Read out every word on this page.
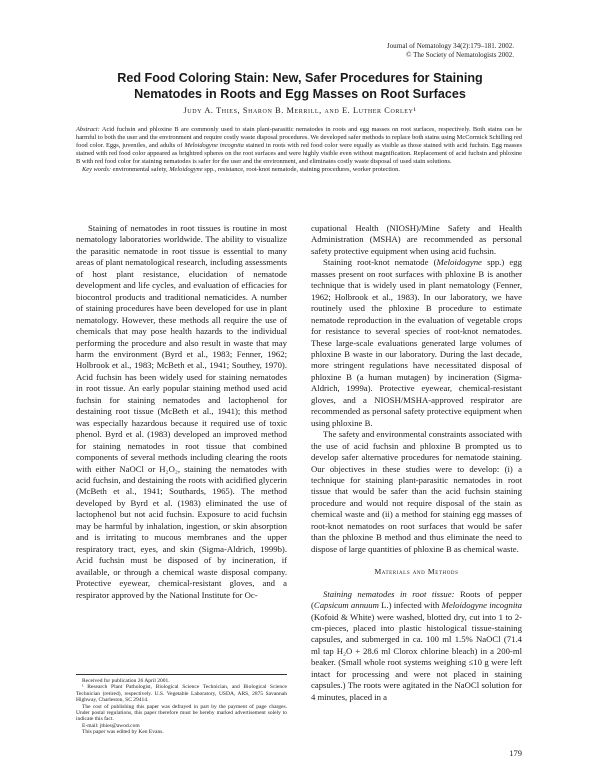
Journal of Nematology 34(2):179–181. 2002.
© The Society of Nematologists 2002.
Red Food Coloring Stain: New, Safer Procedures for Staining
Nematodes in Roots and Egg Masses on Root Surfaces
Judy A. Thies, Sharon B. Merrill, and E. Luther Corley¹

Abstract: Acid fuchsin and phloxine B are commonly used to stain plant-parasitic nematodes in roots and egg masses on root surfaces, respectively. Both stains can be harmful to both the user and the environment and require costly waste disposal procedures. We developed safer methods to replace both stains using McCormick Schilling red food color. Eggs, juveniles, and adults of Meloidogyne incognita stained in roots with red food color were equally as visible as those stained with acid fuchsin. Egg masses stained with red food color appeared as brightred spheres on the root surfaces and were highly visible even without magnification. Replacement of acid fuchsin and phloxine B with red food color for staining nematodes is safer for the user and the environment, and eliminates costly waste disposal of used stain solutions.

Key words: environmental safety, Meloidogyne spp., resistance, root-knot nematode, staining procedures, worker protection.

Staining of nematodes in root tissues is routine in most nematology laboratories worldwide. The ability to visualize the parasitic nematode in root tissue is essential to many areas of plant nematological research, including assessments of host plant resistance, elucidation of nematode development and life cycles, and evaluation of efficacies for biocontrol products and traditional nematicides. A number of staining procedures have been developed for use in plant nematology. However, these methods all require the use of chemicals that may pose health hazards to the individual performing the procedure and also result in waste that may harm the environment (Byrd et al., 1983; Fenner, 1962; Holbrook et al., 1983; McBeth et al., 1941; Southey, 1970). Acid fuchsin has been widely used for staining nematodes in root tissue. An early popular staining method used acid fuchsin for staining nematodes and lactophenol for destaining root tissue (McBeth et al., 1941); this method was especially hazardous because it required use of toxic phenol. Byrd et al. (1983) developed an improved method for staining nematodes in root tissue that combined components of several methods including clearing the roots with either NaOCl or H₂O₂, staining the nematodes with acid fuchsin, and destaining the roots with acidified glycerin (McBeth et al., 1941; Southards, 1965). The method developed by Byrd et al. (1983) eliminated the use of lactophenol but not acid fuchsin. Exposure to acid fuchsin may be harmful by inhalation, ingestion, or skin absorption and is irritating to mucous membranes and the upper respiratory tract, eyes, and skin (Sigma-Aldrich, 1999b). Acid fuchsin must be disposed of by incineration, if available, or through a chemical waste disposal company. Protective eyewear, chemical-resistant gloves, and a respirator approved by the National Institute for Oc-

Received for publication 26 April 2001.

¹ Research Plant Pathologist, Biological Science Technician, and Biological Science Technician (retired), respectively. U.S. Vegetable Laboratory, USDA, ARS, 2875 Savannah Highway, Charleston, SC 29414.

The cost of publishing this paper was defrayed in part by the payment of page charges. Under postal regulations, this paper therefore must be hereby marked advertisement solely to indicate this fact.

E-mail: jthies@awod.com

This paper was edited by Ken Evans.

cupational Health (NIOSH)/Mine Safety and Health Administration (MSHA) are recommended as personal safety protective equipment when using acid fuchsin.

Staining root-knot nematode (Meloidogyne spp.) egg masses present on root surfaces with phloxine B is another technique that is widely used in plant nematology (Fenner, 1962; Holbrook et al., 1983). In our laboratory, we have routinely used the phloxine B procedure to estimate nematode reproduction in the evaluation of vegetable crops for resistance to several species of root-knot nematodes. These large-scale evaluations generated large volumes of phloxine B waste in our laboratory. During the last decade, more stringent regulations have necessitated disposal of phloxine B (a human mutagen) by incineration (Sigma-Aldrich, 1999a). Protective eyewear, chemical-resistant gloves, and a NIOSH/MSHA-approved respirator are recommended as personal safety protective equipment when using phloxine B.

The safety and environmental constraints associated with the use of acid fuchsin and phloxine B prompted us to develop safer alternative procedures for nematode staining. Our objectives in these studies were to develop: (i) a technique for staining plant-parasitic nematodes in root tissue that would be safer than the acid fuchsin staining procedure and would not require disposal of the stain as chemical waste and (ii) a method for staining egg masses of root-knot nematodes on root surfaces that would be safer than the phloxine B method and thus eliminate the need to dispose of large quantities of phloxine B as chemical waste.

Materials and Methods

Staining nematodes in root tissue: Roots of pepper (Capsicum annuum L.) infected with Meloidogyne incognita (Kofoid & White) were washed, blotted dry, cut into 1 to 2-cm-pieces, placed into plastic histological tissue-staining capsules, and submerged in ca. 100 ml 1.5% NaOCl (71.4 ml tap H₂O + 28.6 ml Clorox chlorine bleach) in a 200-ml beaker. (Small whole root systems weighing ≤10 g were left intact for processing and were not placed in staining capsules.) The roots were agitated in the NaOCl solution for 4 minutes, placed in a

179
